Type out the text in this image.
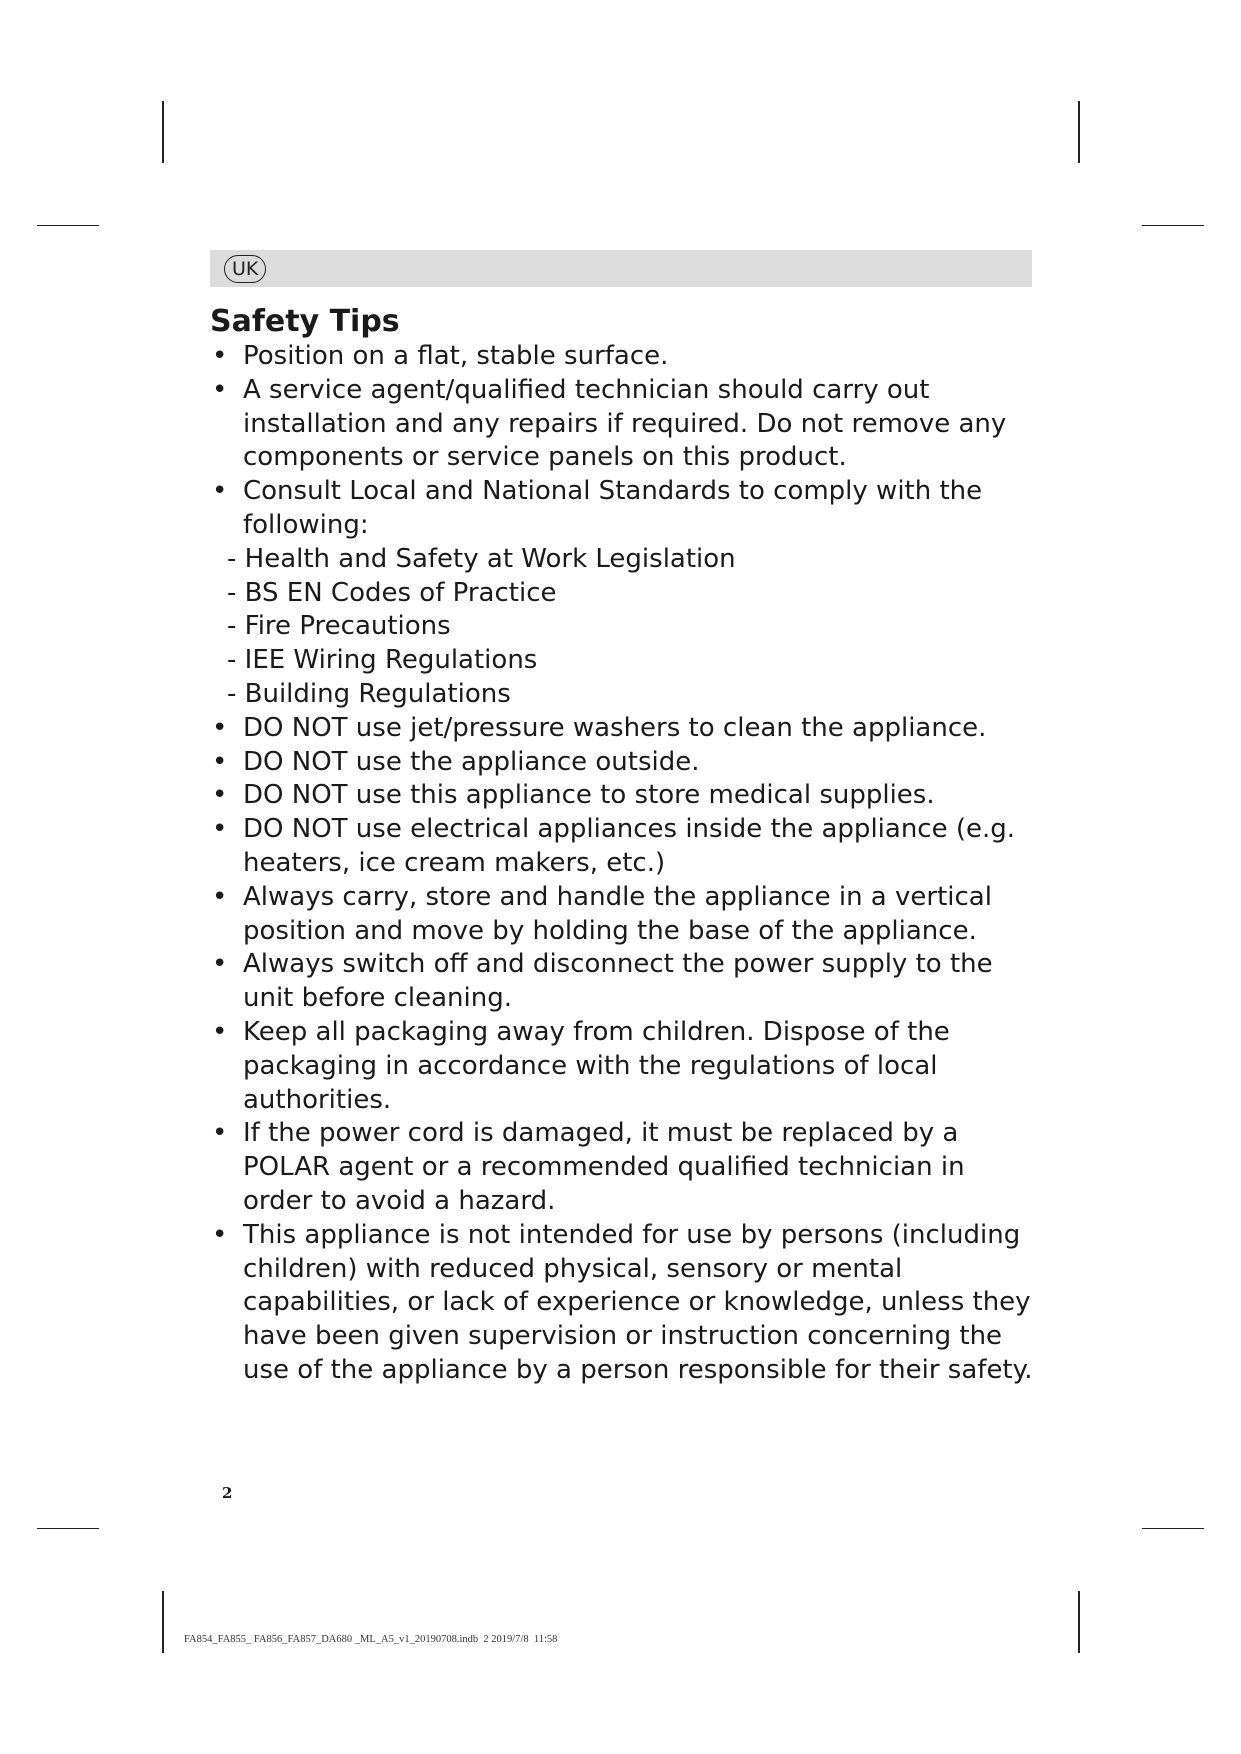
UK
Safety Tips
• Position on a flat, stable surface.
• A service agent/qualified technician should carry out installation and any repairs if required. Do not remove any components or service panels on this product.
• Consult Local and National Standards to comply with the following:
- Health and Safety at Work Legislation
- BS EN Codes of Practice
- Fire Precautions
- IEE Wiring Regulations
- Building Regulations
• DO NOT use jet/pressure washers to clean the appliance.
• DO NOT use the appliance outside.
• DO NOT use this appliance to store medical supplies.
• DO NOT use electrical appliances inside the appliance (e.g. heaters, ice cream makers, etc.)
• Always carry, store and handle the appliance in a vertical position and move by holding the base of the appliance.
• Always switch off and disconnect the power supply to the unit before cleaning.
• Keep all packaging away from children. Dispose of the packaging in accordance with the regulations of local authorities.
• If the power cord is damaged, it must be replaced by a POLAR agent or a recommended qualified technician in order to avoid a hazard.
• This appliance is not intended for use by persons (including children) with reduced physical, sensory or mental capabilities, or lack of experience or knowledge, unless they have been given supervision or instruction concerning the use of the appliance by a person responsible for their safety.
2
FA854_FA855_ FA856_FA857_DA680 _ML_A5_v1_20190708.indb 2 2019/7/8 11:58
